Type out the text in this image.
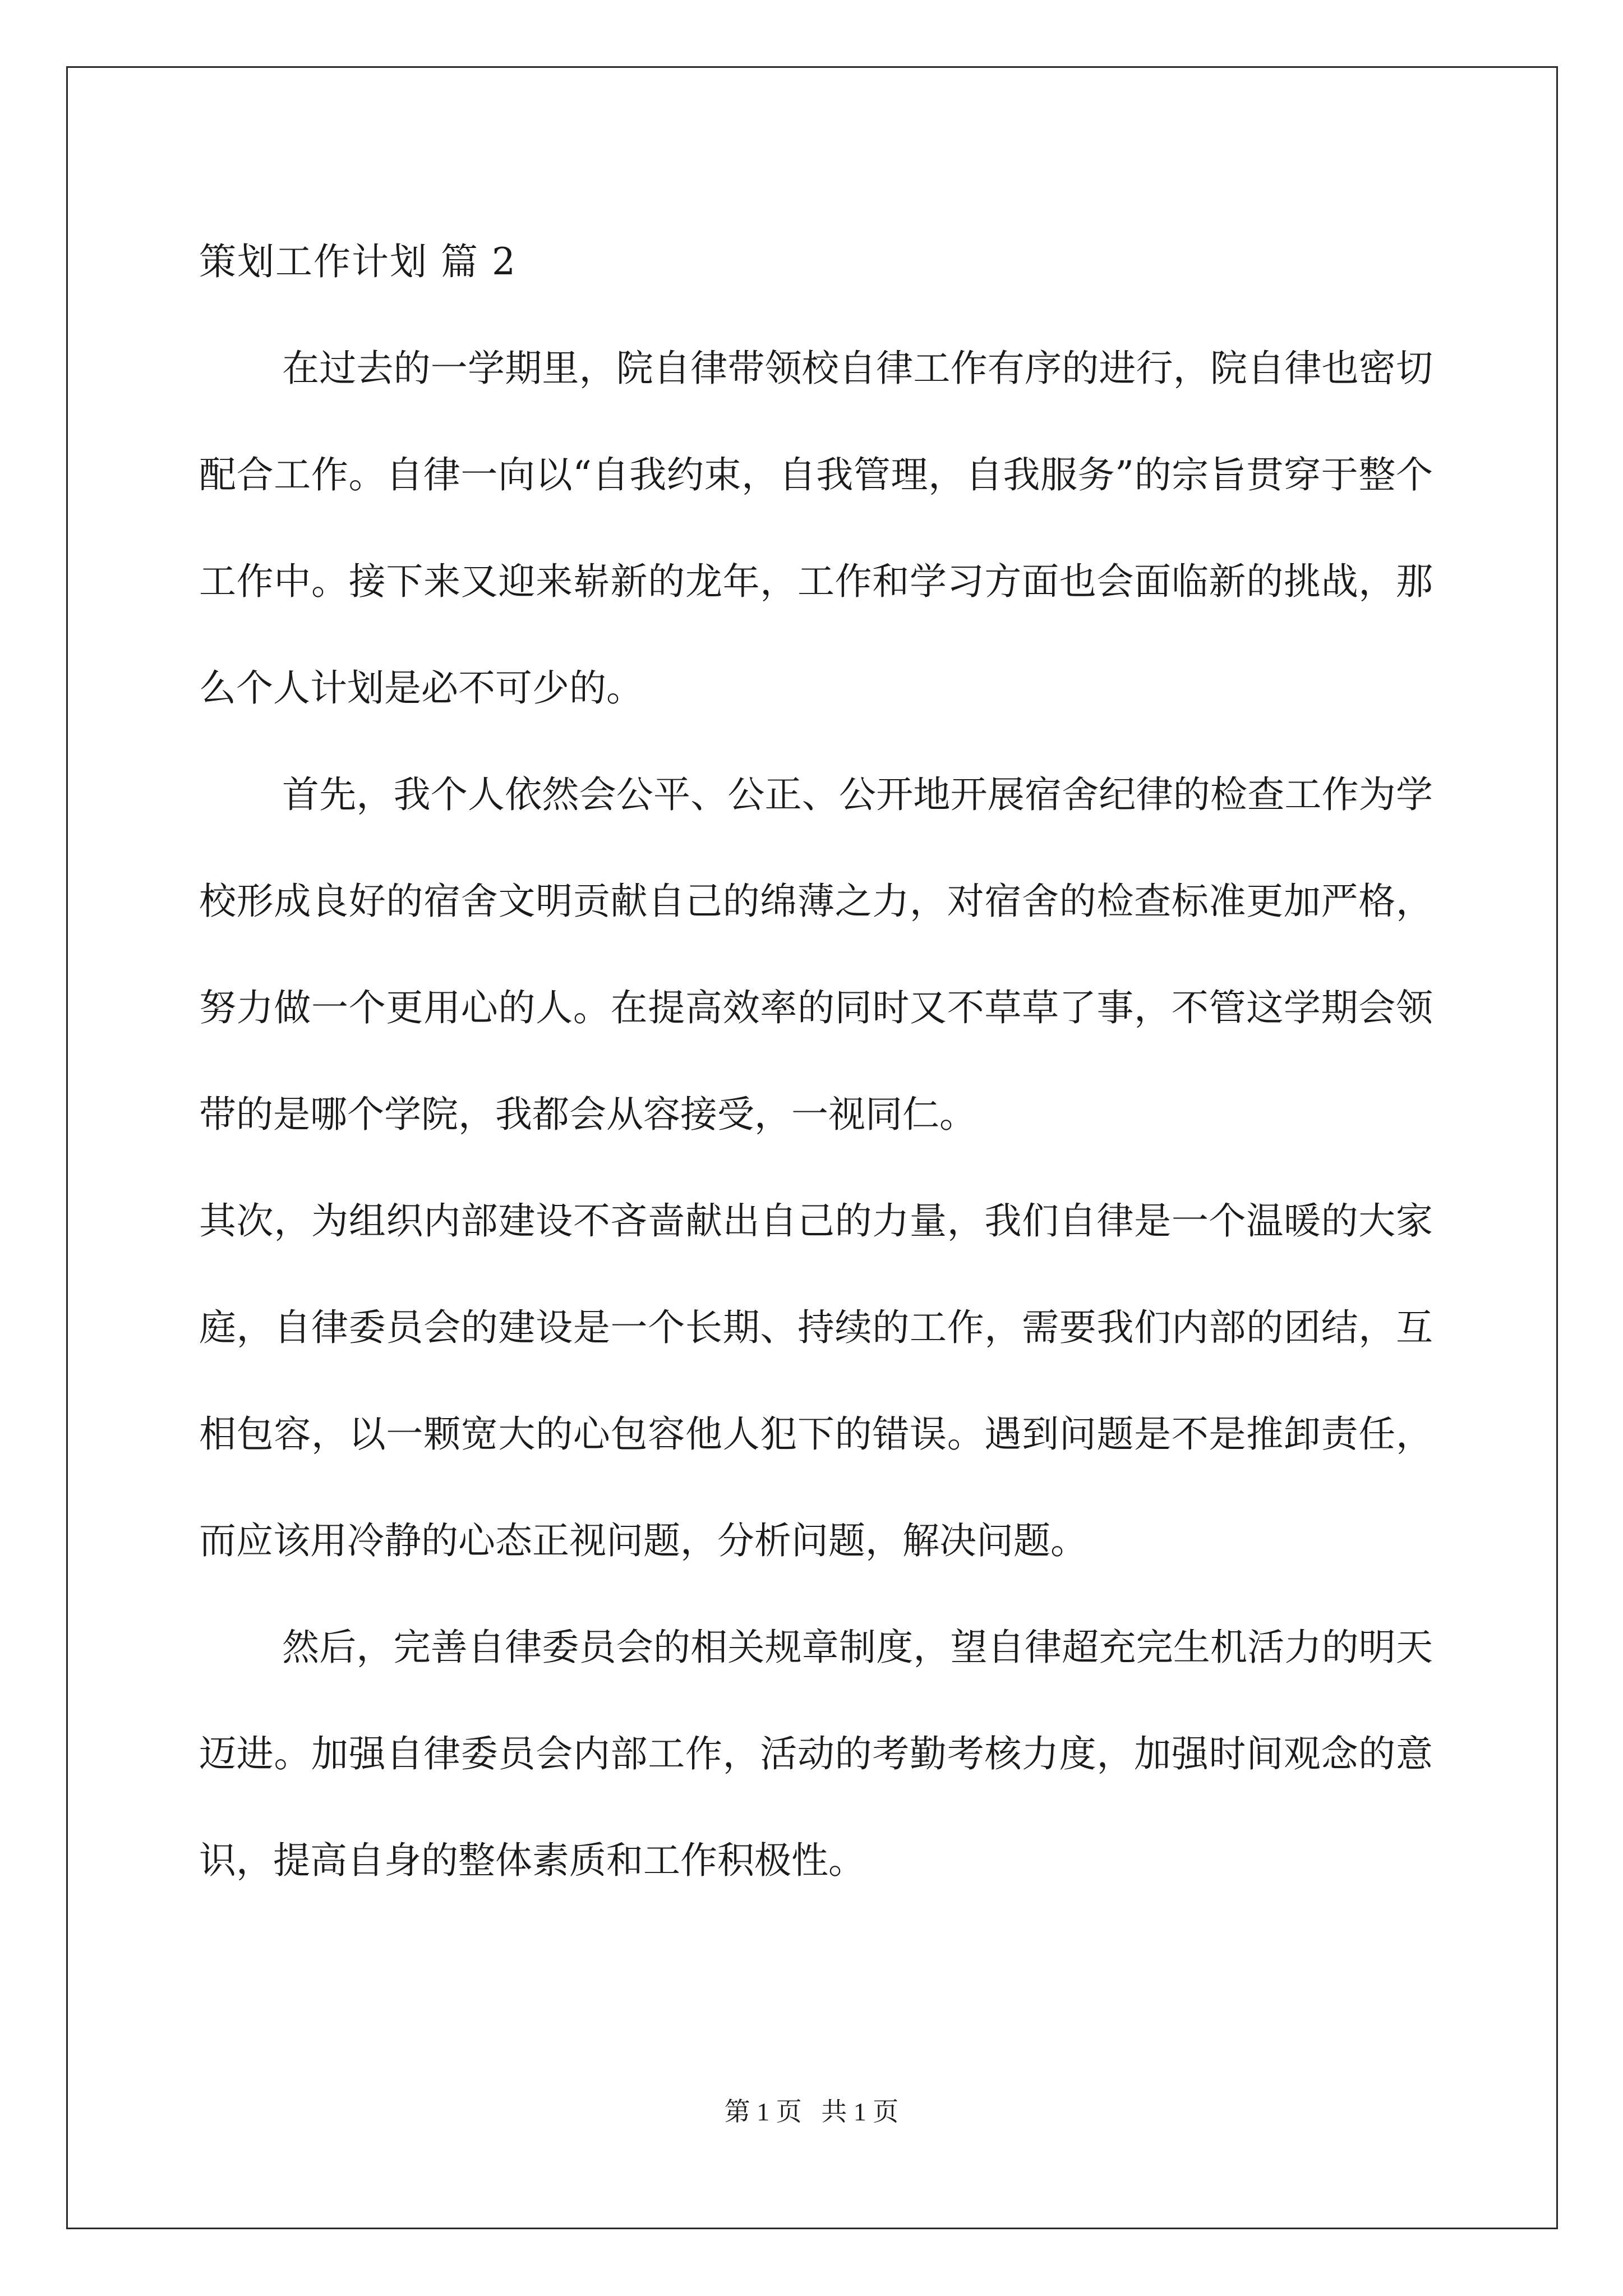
策划工作计划 篇 2

在过去的一学期里，院自律带领校自律工作有序的进行，院自律也密切配合工作。自律一向以“自我约束，自我管理，自我服务”的宗旨贯穿于整个工作中。接下来又迎来崭新的龙年，工作和学习方面也会面临新的挑战，那么个人计划是必不可少的。

首先，我个人依然会公平、公正、公开地开展宿舍纪律的检查工作为学校形成良好的宿舍文明贡献自己的绵薄之力，对宿舍的检查标准更加严格，努力做一个更用心的人。在提高效率的同时又不草草了事，不管这学期会领带的是哪个学院，我都会从容接受，一视同仁。

其次，为组织内部建设不吝啬献出自己的力量，我们自律是一个温暖的大家庭，自律委员会的建设是一个长期、持续的工作，需要我们内部的团结，互相包容，以一颗宽大的心包容他人犯下的错误。遇到问题是不是推卸责任，而应该用冷静的心态正视问题，分析问题，解决问题。

然后，完善自律委员会的相关规章制度，望自律超充完生机活力的明天迈进。加强自律委员会内部工作，活动的考勤考核力度，加强时间观念的意识，提高自身的整体素质和工作积极性。

第 1 页   共 1 页
